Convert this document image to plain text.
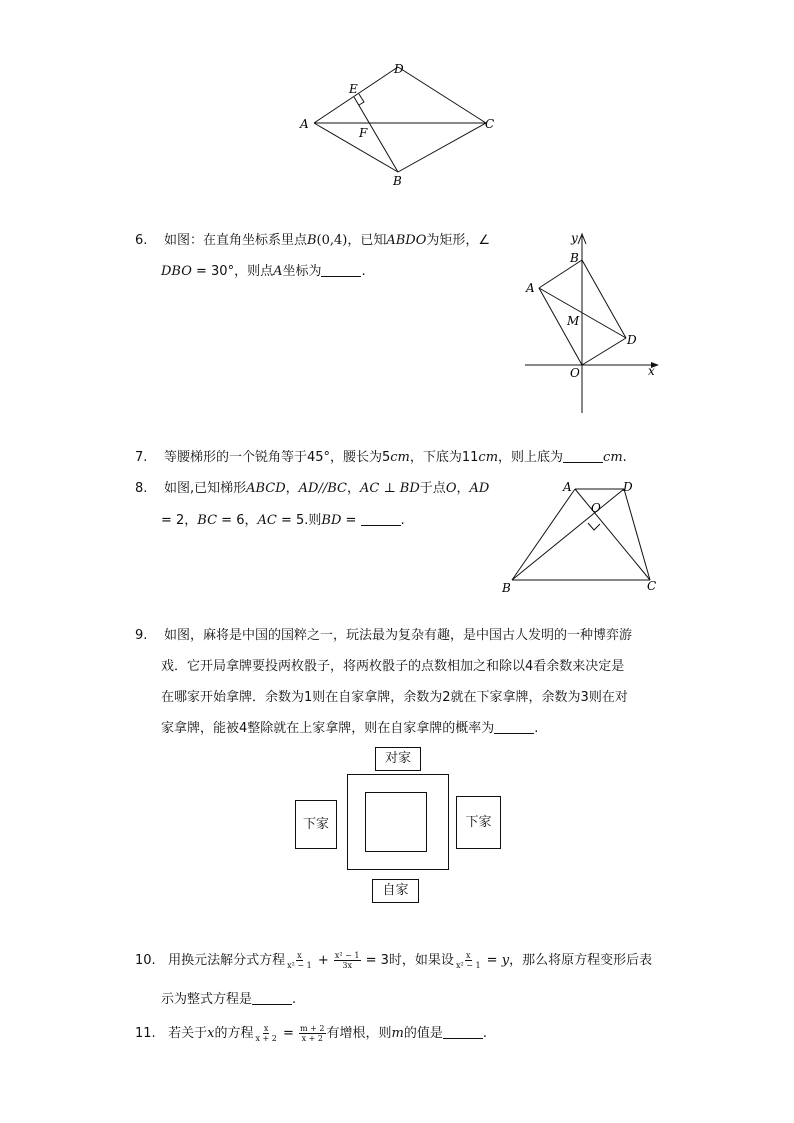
A
D
E
C
F
B
6. 如图：在直角坐标系里点B(0,4)，已知ABDO为矩形，∠
DBO = 30°，则点A坐标为	.
y
x
B
A
M
D
O
7. 等腰梯形的一个锐角等于45°，腰长为5cm，下底为11cm，则上底为	cm.
8. 如图,已知梯形ABCD，AD//BC，AC ⊥ BD于点O，AD
= 2，BC = 6，AC = 5.则BD =	.
A	D
O
B	C
9. 如图，麻将是中国的国粹之一，玩法最为复杂有趣，是中国古人发明的一种博弈游
戏．它开局拿牌要投两枚骰子，将两枚骰子的点数相加之和除以4看余数来决定是
在哪家开始拿牌．余数为1则在自家拿牌，余数为2就在下家拿牌，余数为3则在对
家拿牌，能被4整除就在上家拿牌，则在自家拿牌的概率为	.
对家
下家	下家
自家
10. 用换元法解分式方程 $\frac{x}{\text{x² − 1}} + \frac{\text{x² − 1}}{3x} = 3$时，如果设 $\frac{x}{\text{x² − 1}} = y$，那么将原方程变形后表
示为整式方程是	.
11. 若关于x的方程 $\frac{x}{x + 2} = \frac{m + 2}{x + 2}$ 有增根，则m的值是	.
